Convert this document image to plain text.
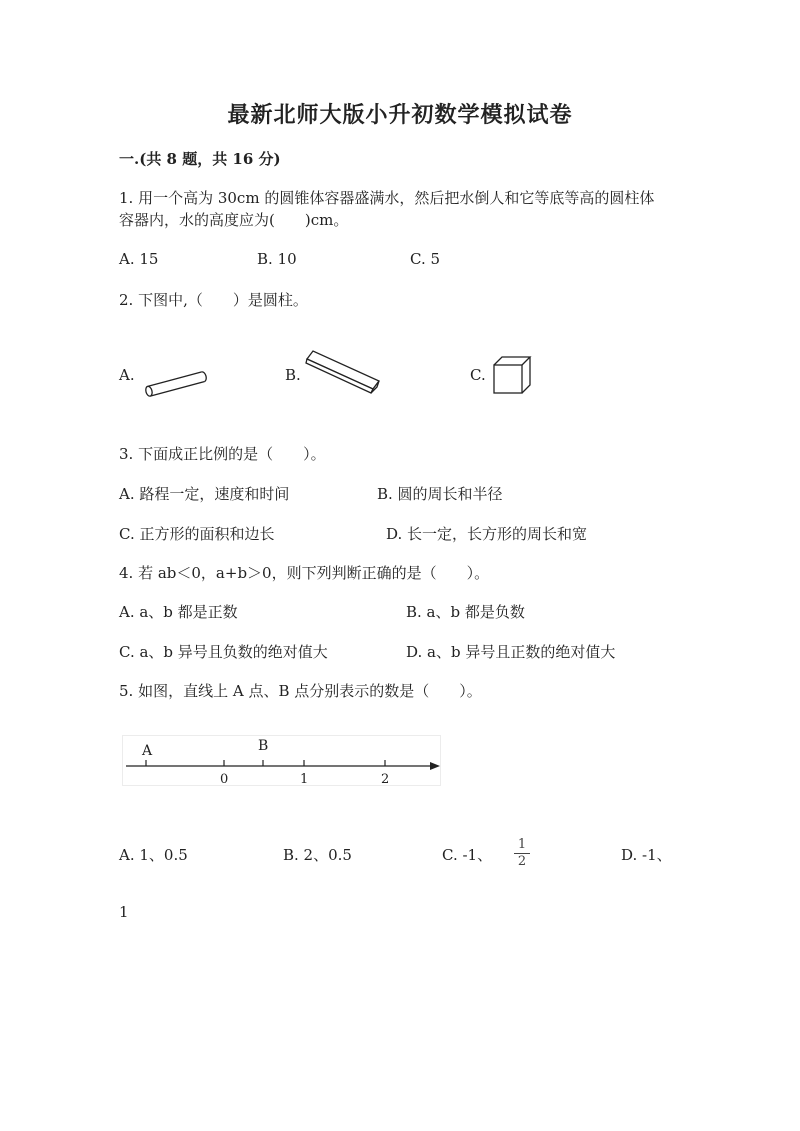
最新北师大版小升初数学模拟试卷
一.(共 8 题，共 16 分)
1. 用一个高为 30cm 的圆锥体容器盛满水，然后把水倒人和它等底等高的圆柱体
容器内，水的高度应为(　　)cm。
A. 15	B. 10	C. 5
2. 下图中,（　　）是圆柱。
A.	B.	C.
3. 下面成正比例的是（　　）。
A. 路程一定，速度和时间	B. 圆的周长和半径
C. 正方形的面积和边长	D. 长一定，长方形的周长和宽
4. 若 ab＜0，a+b＞0，则下列判断正确的是（　　）。
A. a、b 都是正数	B. a、b 都是负数
C. a、b 异号且负数的绝对值大	D. a、b 异号且正数的绝对值大
5. 如图，直线上 A 点、B 点分别表示的数是（　　）。
A	B
0	1	2
A. 1、0.5	B. 2、0.5	C. -1、
1
2	D. -1、
1
